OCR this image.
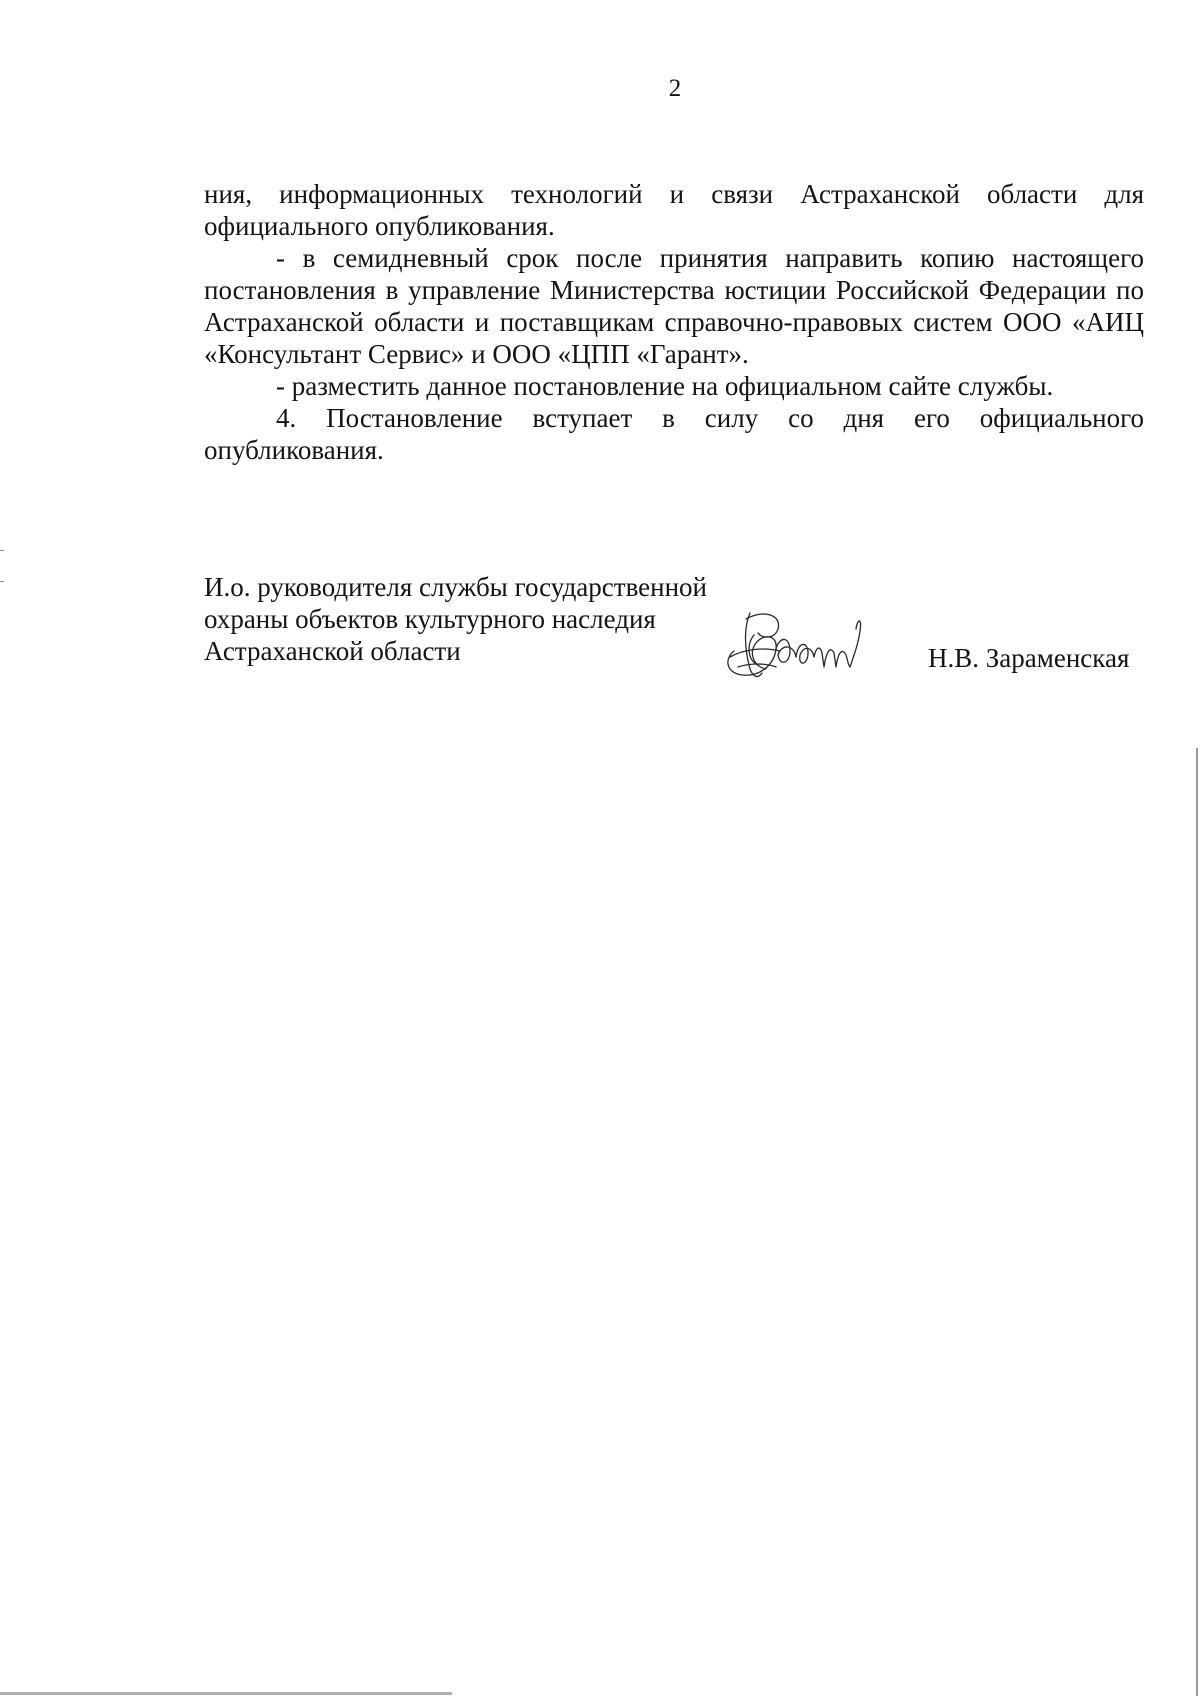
2

ния, информационных технологий и связи Астраханской области для официального опубликования.

- в семидневный срок после принятия направить копию настоящего постановления в управление Министерства юстиции Российской Федерации по Астраханской области и поставщикам справочно-правовых систем ООО «АИЦ «Консультант Сервис» и ООО «ЦПП «Гарант».

- разместить данное постановление на официальном сайте службы.

4. Постановление вступает в силу со дня его официального опубликования.

И.о. руководителя службы государственной
охраны объектов культурного наследия
Астраханской области	Н.В. Зараменская
